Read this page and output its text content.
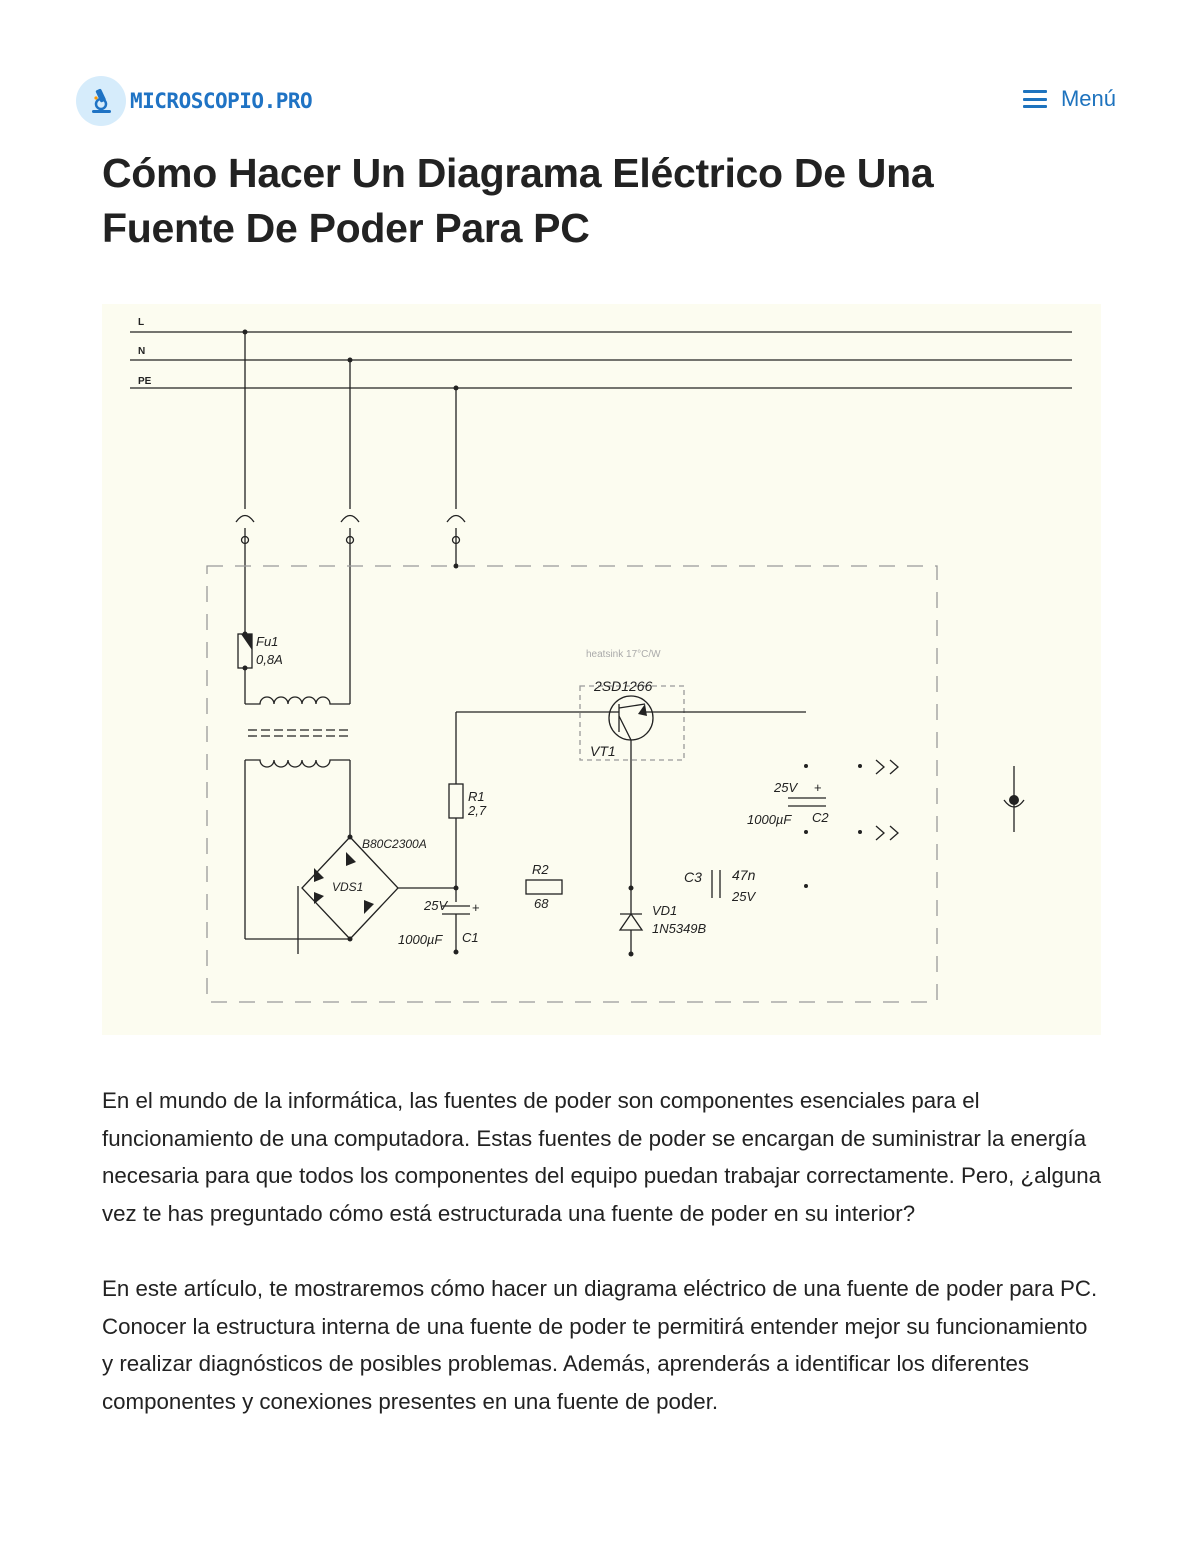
MICROSCOPIO.PRO	Menú
Cómo Hacer Un Diagrama Eléctrico De Una Fuente De Poder Para PC
L
N
PE
Fu1
0,8A	heatsink 17°C/W
2SD1266
VT1
B80C2300A
VDS1
R1
2,7
R2
68
25V +
1000µF C1
25V +
1000µF C2
C3 47n
25V
VD1
1N5349B

En el mundo de la informática, las fuentes de poder son componentes esenciales para el funcionamiento de una computadora. Estas fuentes de poder se encargan de suministrar la energía necesaria para que todos los componentes del equipo puedan trabajar correctamente. Pero, ¿alguna vez te has preguntado cómo está estructurada una fuente de poder en su interior?

En este artículo, te mostraremos cómo hacer un diagrama eléctrico de una fuente de poder para PC. Conocer la estructura interna de una fuente de poder te permitirá entender mejor su funcionamiento y realizar diagnósticos de posibles problemas. Además, aprenderás a identificar los diferentes componentes y conexiones presentes en una fuente de poder.
